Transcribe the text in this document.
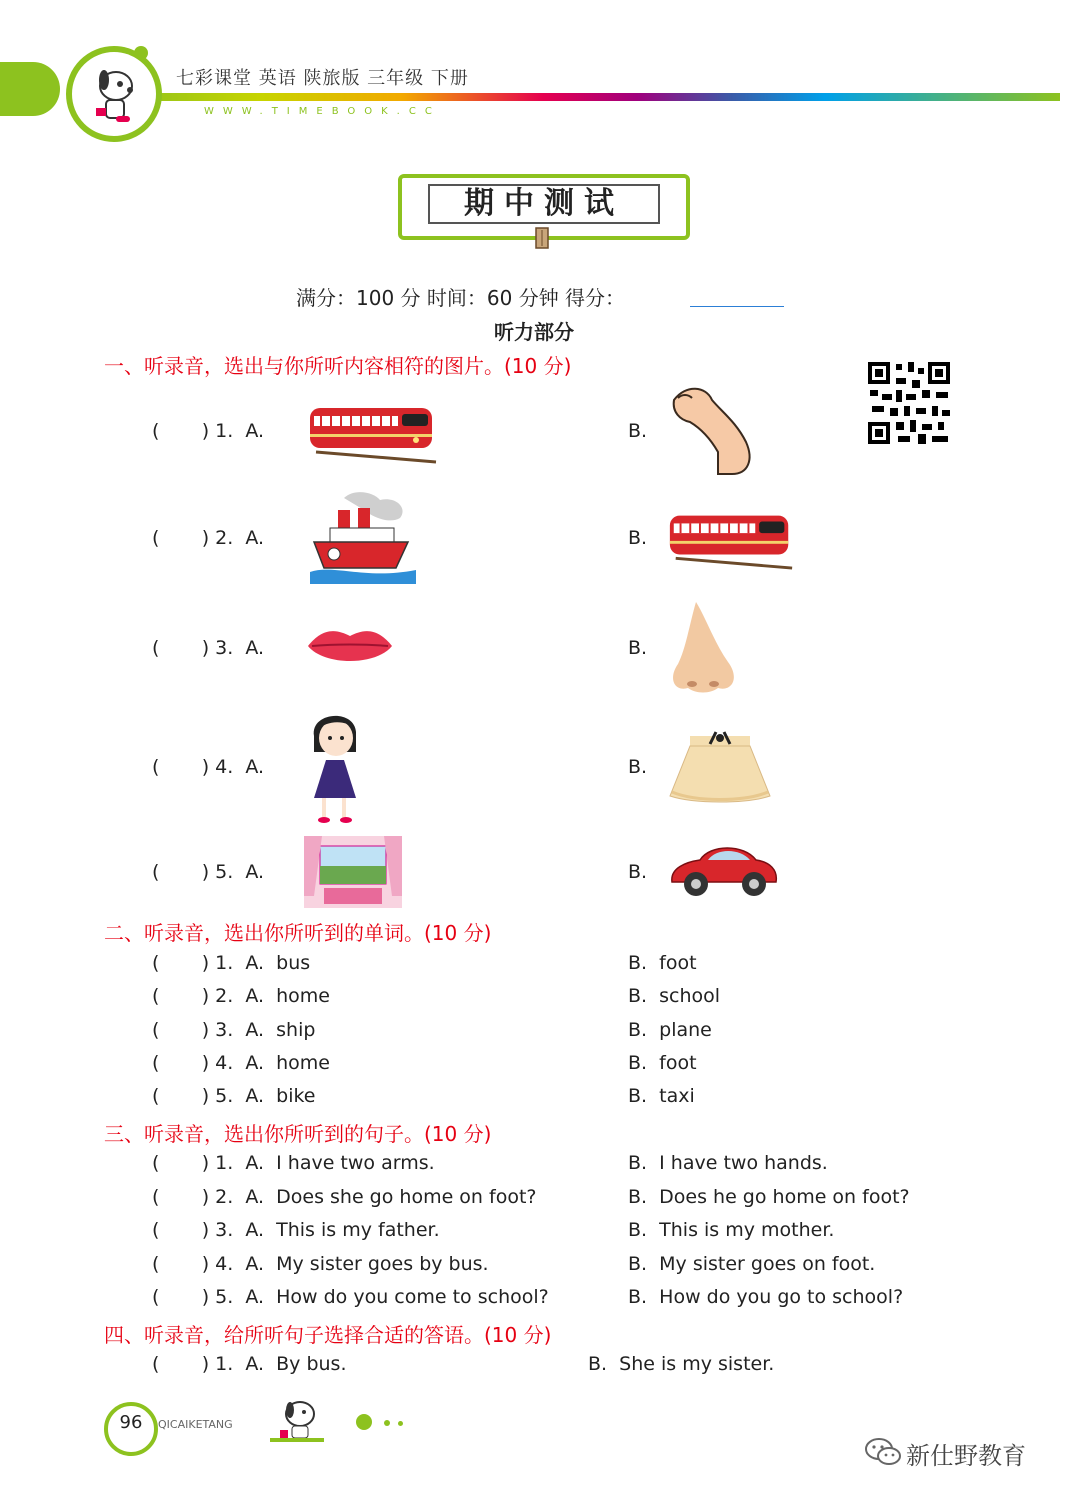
七彩课堂 英语 陕旅版 三年级 下册
WWW.TIMEBOOK.CC
期中测试
满分：100 分 时间：60 分钟 得分：
听力部分
一、听录音，选出与你所听内容相符的图片。(10 分)
(       ) 1.  A.	B.
(       ) 2.  A.	B.
(       ) 3.  A.	B.
(       ) 4.  A.	B.
(       ) 5.  A.	B.
二、听录音，选出你所听到的单词。(10 分)
(       ) 1.  A.  bus	B.  foot
(       ) 2.  A.  home	B.  school
(       ) 3.  A.  ship	B.  plane
(       ) 4.  A.  home	B.  foot
(       ) 5.  A.  bike	B.  taxi
三、听录音，选出你所听到的句子。(10 分)
(       ) 1.  A.  I have two arms.	B.  I have two hands.
(       ) 2.  A.  Does she go home on foot?	B.  Does he go home on foot?
(       ) 3.  A.  This is my father.	B.  This is my mother.
(       ) 4.  A.  My sister goes by bus.	B.  My sister goes on foot.
(       ) 5.  A.  How do you come to school?	B.  How do you go to school?
四、听录音，给所听句子选择合适的答语。(10 分)
(       ) 1.  A.  By bus.	B.  She is my sister.
96	QICAIKETANG
新仕野教育
